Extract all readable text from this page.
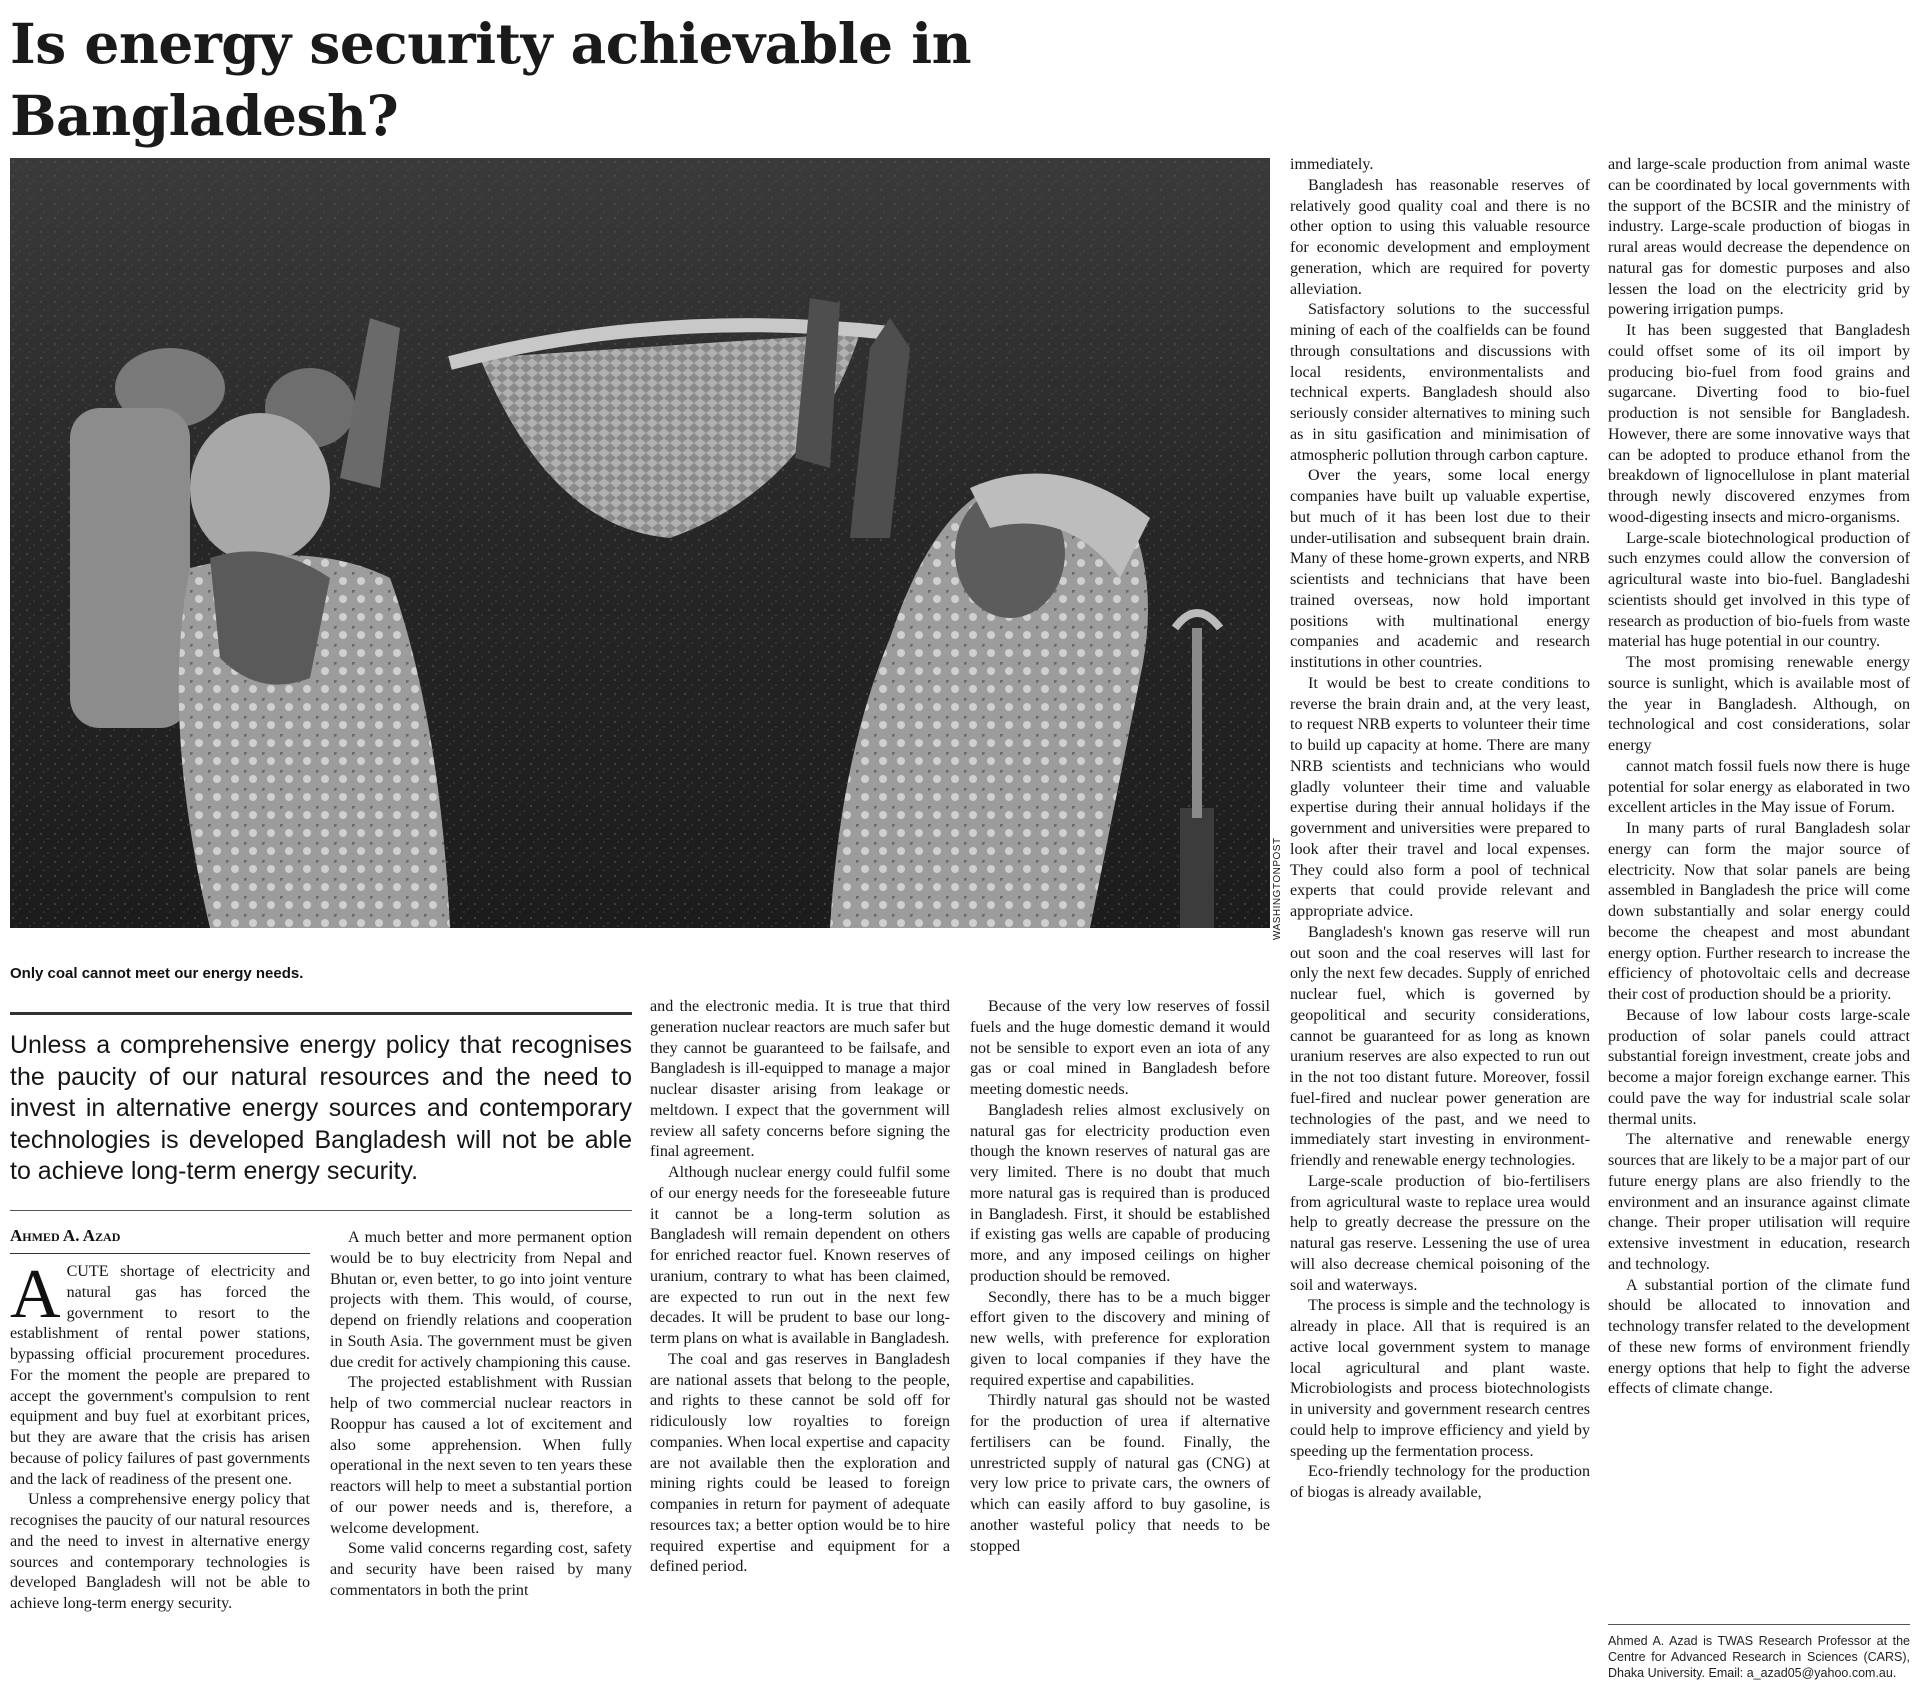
Is energy security achievable in Bangladesh?
WASHINGTONPOST
Only coal cannot meet our energy needs.
Unless a comprehensive energy policy that recognises the paucity of our natural resources and the need to invest in alternative energy sources and contemporary technologies is developed Bangladesh will not be able to achieve long-term energy security.
Ahmed A. Azad

ACUTE shortage of electricity and natural gas has forced the government to resort to the establishment of rental power stations, bypassing official procurement procedures. For the moment the people are prepared to accept the government's compulsion to rent equipment and buy fuel at exorbitant prices, but they are aware that the crisis has arisen because of policy failures of past governments and the lack of readiness of the present one.

Unless a comprehensive energy policy that recognises the paucity of our natural resources and the need to invest in alternative energy sources and contemporary technologies is developed Bangladesh will not be able to achieve long-term energy security.

A much better and more permanent option would be to buy electricity from Nepal and Bhutan or, even better, to go into joint venture projects with them. This would, of course, depend on friendly relations and cooperation in South Asia. The government must be given due credit for actively championing this cause.

The projected establishment with Russian help of two commercial nuclear reactors in Rooppur has caused a lot of excitement and also some apprehension. When fully operational in the next seven to ten years these reactors will help to meet a substantial portion of our power needs and is, therefore, a welcome development.

Some valid concerns regarding cost, safety and security have been raised by many commentators in both the print

and the electronic media. It is true that third generation nuclear reactors are much safer but they cannot be guaranteed to be failsafe, and Bangladesh is ill-equipped to manage a major nuclear disaster arising from leakage or meltdown. I expect that the government will review all safety concerns before signing the final agreement.

Although nuclear energy could fulfil some of our energy needs for the foreseeable future it cannot be a long-term solution as Bangladesh will remain dependent on others for enriched reactor fuel. Known reserves of uranium, contrary to what has been claimed, are expected to run out in the next few decades. It will be prudent to base our long-term plans on what is available in Bangladesh.

The coal and gas reserves in Bangladesh are national assets that belong to the people, and rights to these cannot be sold off for ridiculously low royalties to foreign companies. When local expertise and capacity are not available then the exploration and mining rights could be leased to foreign companies in return for payment of adequate resources tax; a better option would be to hire required expertise and equipment for a defined period.

Because of the very low reserves of fossil fuels and the huge domestic demand it would not be sensible to export even an iota of any gas or coal mined in Bangladesh before meeting domestic needs.

Bangladesh relies almost exclusively on natural gas for electricity production even though the known reserves of natural gas are very limited. There is no doubt that much more natural gas is required than is produced in Bangladesh. First, it should be established if existing gas wells are capable of producing more, and any imposed ceilings on higher production should be removed.

Secondly, there has to be a much bigger effort given to the discovery and mining of new wells, with preference for exploration given to local companies if they have the required expertise and capabilities.

Thirdly natural gas should not be wasted for the production of urea if alternative fertilisers can be found. Finally, the unrestricted supply of natural gas (CNG) at very low price to private cars, the owners of which can easily afford to buy gasoline, is another wasteful policy that needs to be stopped

immediately.

Bangladesh has reasonable reserves of relatively good quality coal and there is no other option to using this valuable resource for economic development and employment generation, which are required for poverty alleviation.

Satisfactory solutions to the successful mining of each of the coalfields can be found through consultations and discussions with local residents, environmentalists and technical experts. Bangladesh should also seriously consider alternatives to mining such as in situ gasification and minimisation of atmospheric pollution through carbon capture.

Over the years, some local energy companies have built up valuable expertise, but much of it has been lost due to their under-utilisation and subsequent brain drain. Many of these home-grown experts, and NRB scientists and technicians that have been trained overseas, now hold important positions with multinational energy companies and academic and research institutions in other countries.

It would be best to create conditions to reverse the brain drain and, at the very least, to request NRB experts to volunteer their time to build up capacity at home. There are many NRB scientists and technicians who would gladly volunteer their time and valuable expertise during their annual holidays if the government and universities were prepared to look after their travel and local expenses. They could also form a pool of technical experts that could provide relevant and appropriate advice.

Bangladesh's known gas reserve will run out soon and the coal reserves will last for only the next few decades. Supply of enriched nuclear fuel, which is governed by geopolitical and security considerations, cannot be guaranteed for as long as known uranium reserves are also expected to run out in the not too distant future. Moreover, fossil fuel-fired and nuclear power generation are technologies of the past, and we need to immediately start investing in environment-friendly and renewable energy technologies.

Large-scale production of bio-fertilisers from agricultural waste to replace urea would help to greatly decrease the pressure on the natural gas reserve. Lessening the use of urea will also decrease chemical poisoning of the soil and waterways.

The process is simple and the technology is already in place. All that is required is an active local government system to manage local agricultural and plant waste. Microbiologists and process biotechnologists in university and government research centres could help to improve efficiency and yield by speeding up the fermentation process.

Eco-friendly technology for the production of biogas is already available,

and large-scale production from animal waste can be coordinated by local governments with the support of the BCSIR and the ministry of industry. Large-scale production of biogas in rural areas would decrease the dependence on natural gas for domestic purposes and also lessen the load on the electricity grid by powering irrigation pumps.

It has been suggested that Bangladesh could offset some of its oil import by producing bio-fuel from food grains and sugarcane. Diverting food to bio-fuel production is not sensible for Bangladesh. However, there are some innovative ways that can be adopted to produce ethanol from the breakdown of lignocellulose in plant material through newly discovered enzymes from wood-digesting insects and micro-organisms.

Large-scale biotechnological production of such enzymes could allow the conversion of agricultural waste into bio-fuel. Bangladeshi scientists should get involved in this type of research as production of bio-fuels from waste material has huge potential in our country.

The most promising renewable energy source is sunlight, which is available most of the year in Bangladesh. Although, on technological and cost considerations, solar energy

cannot match fossil fuels now there is huge potential for solar energy as elaborated in two excellent articles in the May issue of Forum.

In many parts of rural Bangladesh solar energy can form the major source of electricity. Now that solar panels are being assembled in Bangladesh the price will come down substantially and solar energy could become the cheapest and most abundant energy option. Further research to increase the efficiency of photovoltaic cells and decrease their cost of production should be a priority.

Because of low labour costs large-scale production of solar panels could attract substantial foreign investment, create jobs and become a major foreign exchange earner. This could pave the way for industrial scale solar thermal units.

The alternative and renewable energy sources that are likely to be a major part of our future energy plans are also friendly to the environment and an insurance against climate change. Their proper utilisation will require extensive investment in education, research and technology.

A substantial portion of the climate fund should be allocated to innovation and technology transfer related to the development of these new forms of environment friendly energy options that help to fight the adverse effects of climate change.

Ahmed A. Azad is TWAS Research Professor at the Centre for Advanced Research in Sciences (CARS), Dhaka University. Email: a_azad05@yahoo.com.au.
